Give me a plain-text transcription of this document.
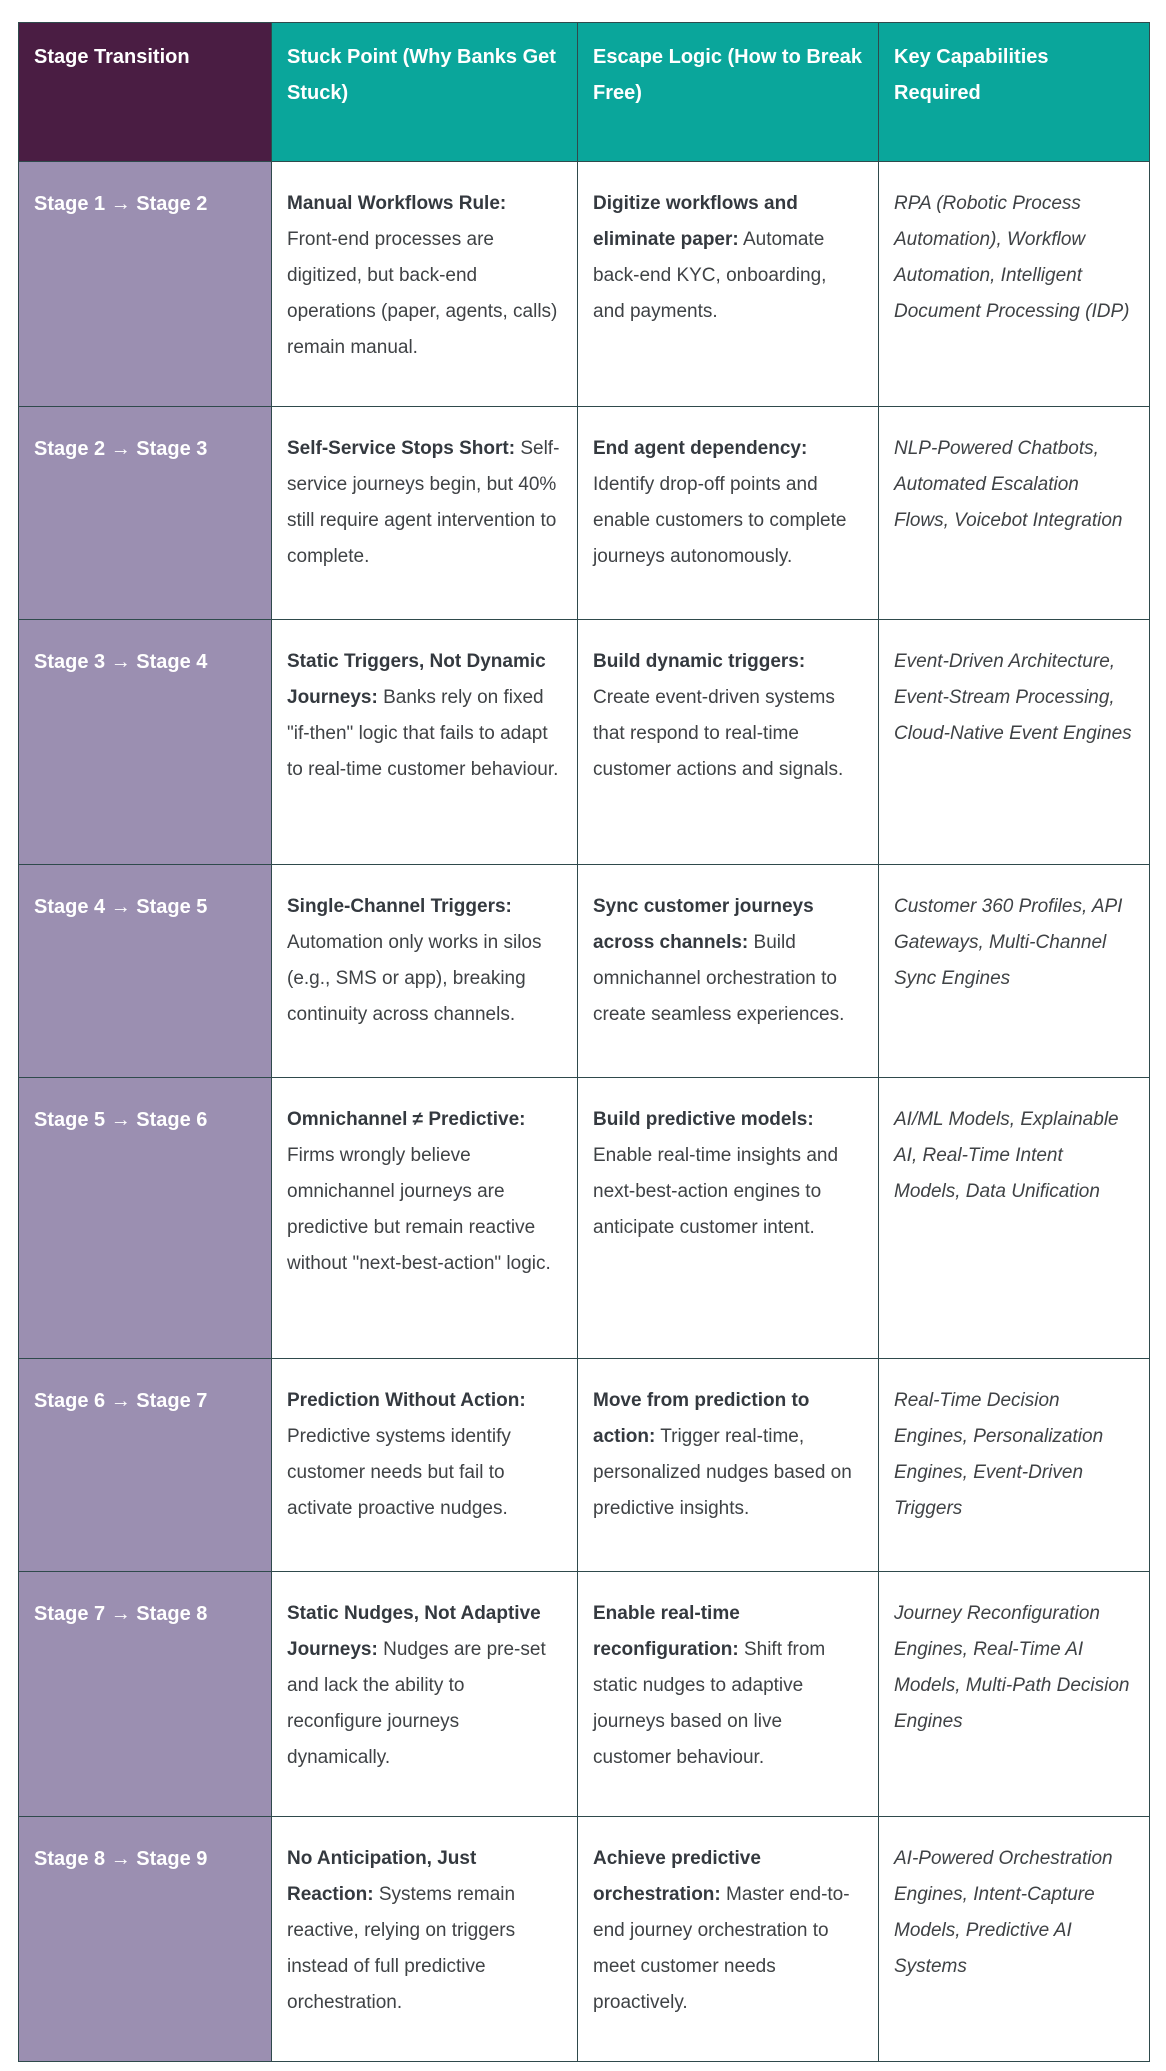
Stage Transition	Stuck Point (Why Banks Get Stuck)	Escape Logic (How to Break Free)	Key Capabilities Required
Stage 1 → Stage 2	Manual Workflows Rule: Front-end processes are digitized, but back-end operations (paper, agents, calls) remain manual.	Digitize workflows and eliminate paper: Automate back-end KYC, onboarding, and payments.	RPA (Robotic Process Automation), Workflow Automation, Intelligent Document Processing (IDP)
Stage 2 → Stage 3	Self-Service Stops Short: Self-service journeys begin, but 40% still require agent intervention to complete.	End agent dependency: Identify drop-off points and enable customers to complete journeys autonomously.	NLP-Powered Chatbots, Automated Escalation Flows, Voicebot Integration
Stage 3 → Stage 4	Static Triggers, Not Dynamic Journeys: Banks rely on fixed "if-then" logic that fails to adapt to real-time customer behaviour.	Build dynamic triggers: Create event-driven systems that respond to real-time customer actions and signals.	Event-Driven Architecture, Event-Stream Processing, Cloud-Native Event Engines
Stage 4 → Stage 5	Single-Channel Triggers: Automation only works in silos (e.g., SMS or app), breaking continuity across channels.	Sync customer journeys across channels: Build omnichannel orchestration to create seamless experiences.	Customer 360 Profiles, API Gateways, Multi-Channel Sync Engines
Stage 5 → Stage 6	Omnichannel ≠ Predictive: Firms wrongly believe omnichannel journeys are predictive but remain reactive without "next-best-action" logic.	Build predictive models: Enable real-time insights and next-best-action engines to anticipate customer intent.	AI/ML Models, Explainable AI, Real-Time Intent Models, Data Unification
Stage 6 → Stage 7	Prediction Without Action: Predictive systems identify customer needs but fail to activate proactive nudges.	Move from prediction to action: Trigger real-time, personalized nudges based on predictive insights.	Real-Time Decision Engines, Personalization Engines, Event-Driven Triggers
Stage 7 → Stage 8	Static Nudges, Not Adaptive Journeys: Nudges are pre-set and lack the ability to reconfigure journeys dynamically.	Enable real-time reconfiguration: Shift from static nudges to adaptive journeys based on live customer behaviour.	Journey Reconfiguration Engines, Real-Time AI Models, Multi-Path Decision Engines
Stage 8 → Stage 9	No Anticipation, Just Reaction: Systems remain reactive, relying on triggers instead of full predictive orchestration.	Achieve predictive orchestration: Master end-to-end journey orchestration to meet customer needs proactively.	AI-Powered Orchestration Engines, Intent-Capture Models, Predictive AI Systems
